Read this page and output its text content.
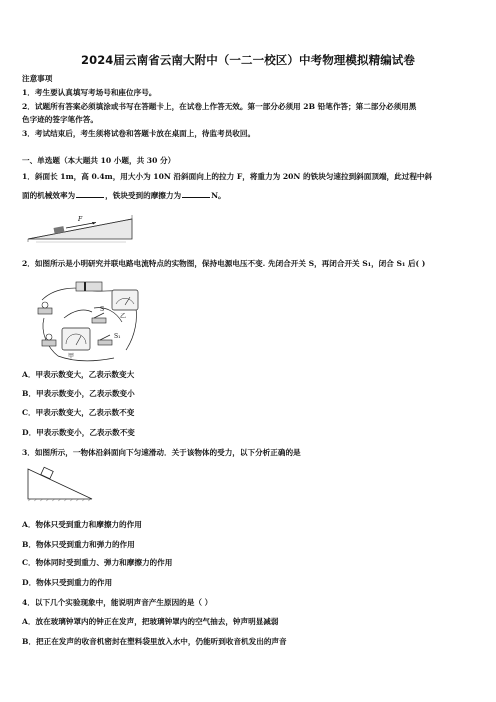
2024届云南省云南大附中（一二一校区）中考物理模拟精编试卷
注意事项
1．考生要认真填写考场号和座位序号。
2．试题所有答案必须填涂或书写在答题卡上，在试卷上作答无效。第一部分必须用 2B 铅笔作答；第二部分必须用黑
色字迹的签字笔作答。
3．考试结束后，考生须将试卷和答题卡放在桌面上，待监考员收回。
一、单选题（本大题共 10 小题，共 30 分）
1．斜面长 1m，高 0.4m，用大小为 10N 沿斜面向上的拉力 F，将重力为 20N 的铁块匀速拉到斜面顶端，此过程中斜
面的机械效率为	，铁块受到的摩擦力为	N。
F
2．如图所示是小明研究并联电路电流特点的实物图，保持电源电压不变. 先闭合开关 S，再闭合开关 S₁，闭合 S₁ 后( )
S
S₁
甲
乙
A．甲表示数变大，乙表示数变大
B．甲表示数变小，乙表示数变小
C．甲表示数变大，乙表示数不变
D．甲表示数变小，乙表示数不变
3．如图所示，一物体沿斜面向下匀速滑动．关于该物体的受力，以下分析正确的是
A．物体只受到重力和摩擦力的作用
B．物体只受到重力和弹力的作用
C．物体同时受到重力、弹力和摩擦力的作用
D．物体只受到重力的作用
4．以下几个实验现象中，能说明声音产生原因的是（ ）
A．放在玻璃钟罩内的钟正在发声，把玻璃钟罩内的空气抽去，钟声明显减弱
B．把正在发声的收音机密封在塑料袋里放入水中，仍能听到收音机发出的声音
